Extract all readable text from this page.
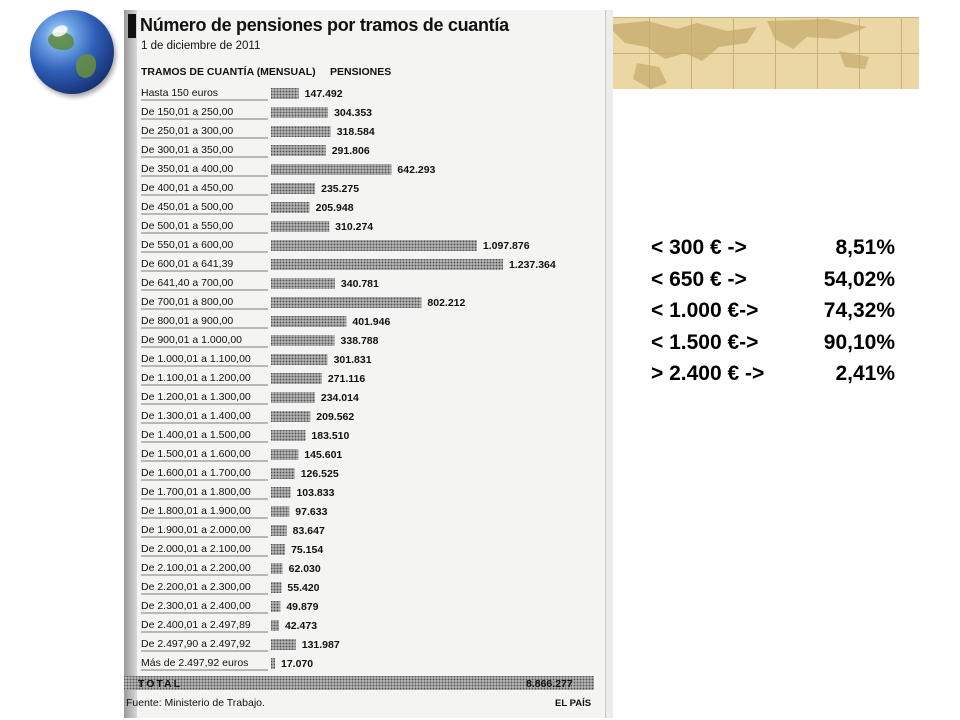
Número de pensiones por tramos de cuantía
1 de diciembre de 2011
TRAMOS DE CUANTÍA (MENSUAL) PENSIONES
Hasta 150 euros	147.492
De 150,01 a 250,00	304.353
De 250,01 a 300,00	318.584
De 300,01 a 350,00	291.806
De 350,01 a 400,00	642.293
De 400,01 a 450,00	235.275
De 450,01 a 500,00	205.948
De 500,01 a 550,00	310.274
De 550,01 a 600,00	1.097.876
De 600,01 a 641,39	1.237.364
De 641,40 a 700,00	340.781
De 700,01 a 800,00	802.212
De 800,01 a 900,00	401.946
De 900,01 a 1.000,00	338.788
De 1.000,01 a 1.100,00	301.831
De 1.100,01 a 1.200,00	271.116
De 1.200,01 a 1.300,00	234.014
De 1.300,01 a 1.400,00	209.562
De 1.400,01 a 1.500,00	183.510
De 1.500,01 a 1.600,00	145.601
De 1.600,01 a 1.700,00	126.525
De 1.700,01 a 1.800,00	103.833
De 1.800,01 a 1.900,00	97.633
De 1.900,01 a 2.000,00	83.647
De 2.000,01 a 2.100,00	75.154
De 2.100,01 a 2.200,00	62.030
De 2.200,01 a 2.300,00	55.420
De 2.300,01 a 2.400,00	49.879
De 2.400,01 a 2.497,89	42.473
De 2.497,90 a 2.497,92	131.987
Más de 2.497,92 euros	17.070
TOTAL	8.866.277
Fuente: Ministerio de Trabajo.	EL PAÍS
< 300 € ->	8,51%
< 650 € ->	54,02%
< 1.000 €->	74,32%
< 1.500 €->	90,10%
> 2.400 € ->	2,41%
